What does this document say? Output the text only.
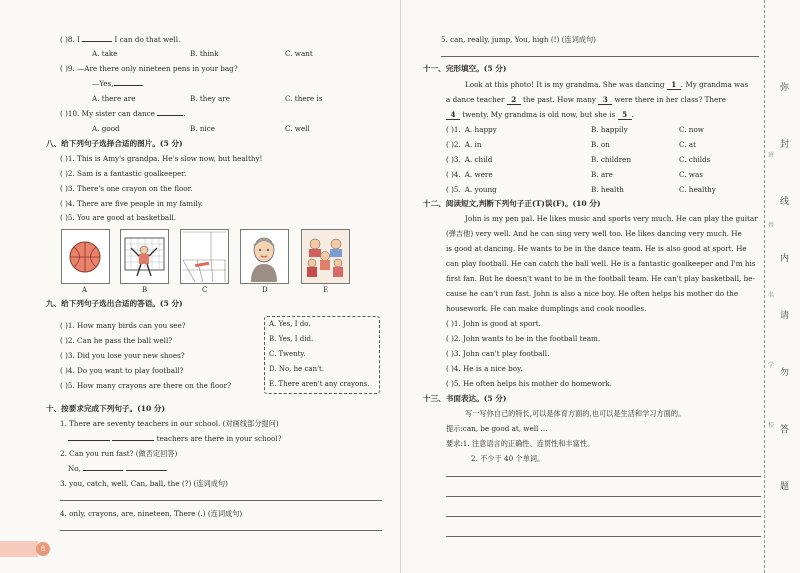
( )8. I	I can do that well.
A. take	B. think	C. want
( )9. —Are there only nineteen pens in your bag?
—Yes,	.
A. there are	B. they are	C. there is
( )10. My sister can dance	.
A. good	B. nice	C. well
八、给下列句子选择合适的图片。(5 分)
( )1. This is Amy's grandpa. He's slow now, but healthy!
( )2. Sam is a fantastic goalkeeper.
( )3. There's one crayon on the floor.
( )4. There are five people in my family.
( )5. You are good at basketball.
A	B	C	D	E
九、给下列句子选出合适的答语。(5 分)
( )1. How many birds can you see?
( )2. Can he pass the ball well?
( )3. Did you lose your new shoes?
( )4. Do you want to play football?
( )5. How many crayons are there on the floor?
A. Yes, I do.
B. Yes, I did.
C. Twenty.
D. No, he can't.
E. There aren't any crayons.
十、按要求完成下列句子。(10 分)
1. There are seventy teachers in our school. (对画线部分提问)
teachers are there in your school?
2. Can you run fast? (做否定回答)
No,	.
3. you, catch, well, Can, ball, the (?) (连词成句)
4. only, crayons, are, nineteen, There (.) (连词成句)
8
5. can, really, jump, You, high (!) (连词成句)
十一、完形填空。(5 分)
Look at this photo! It is my grandma. She was dancing 1 . My grandma was
a dance teacher 2 the past. How many 3 were there in her class? There
4 twenty. My grandma is old now, but she is 5 .
( )1. A. happy	B. happily	C. now
( )2. A. in	B. on	C. at
( )3. A. child	B. children	C. childs
( )4. A. were	B. are	C. was
( )5. A. young	B. health	C. healthy
十二、阅读短文,判断下列句子正(T)误(F)。(10 分)
John is my pen pal. He likes music and sports very much. He can play the guitar
(弹吉他) very well. And he can sing very well too. He likes dancing very much. He
is good at dancing. He wants to be in the dance team. He is also good at sport. He
can play football. He can catch the ball well. He is a fantastic goalkeeper and I'm his
first fan. But he doesn't want to be in the football team. He can't play basketball, be-
cause he can't run fast. John is also a nice boy. He often helps his mother do the
housework. He can make dumplings and cook noodles.
( )1. John is good at sport.
( )2. John wants to be in the football team.
( )3. John can't play football.
( )4. He is a nice boy.
( )5. He often helps his mother do homework.
十三、书面表达。(5 分)
写一写你自己的特长,可以是体育方面的,也可以是生活和学习方面的。
提示:can, be good at, well ...
要求:1. 注意语言的正确性、连贯性和丰富性。
2. 不少于 40 个单词。
弥
封
线
内
请
勿
答
题
班
姓
名
学
校
